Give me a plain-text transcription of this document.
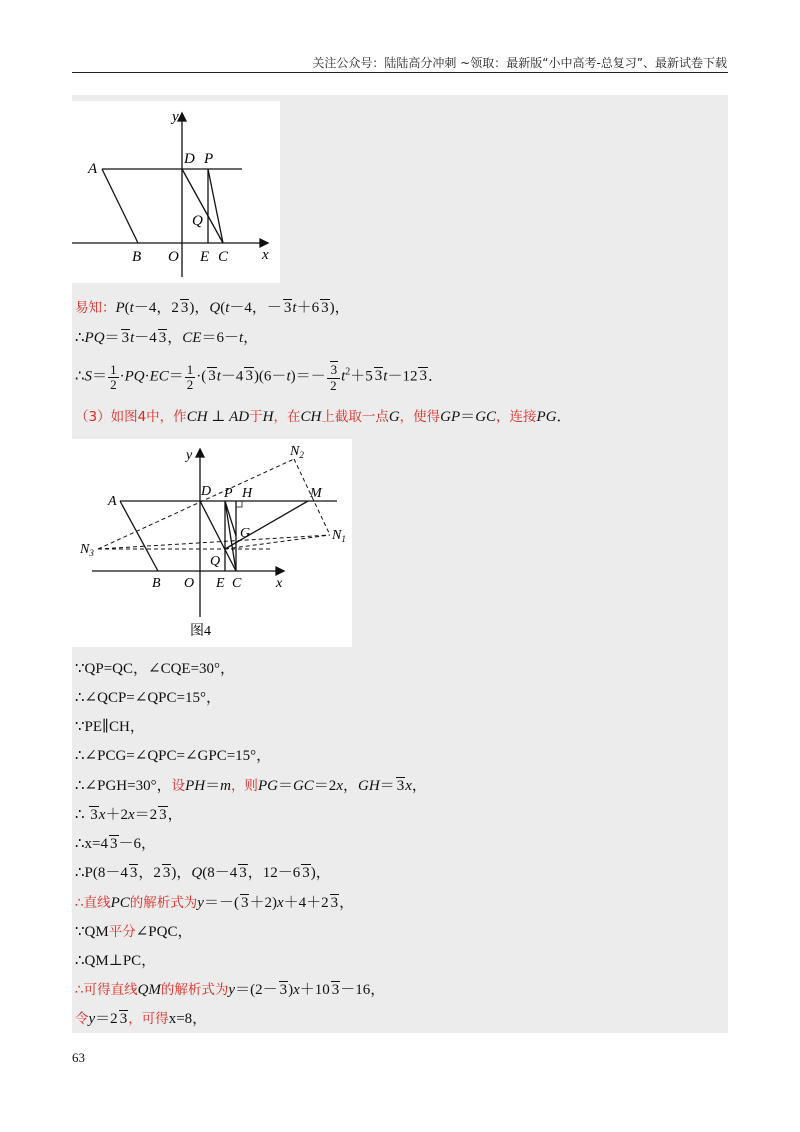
关注公众号：陆陆高分冲刺 ~领取：最新版“小中高考-总复习”、最新试卷下载
y
x
A
D P
Q
B O E C
易知：P(t－4，2 3)，Q(t－4，－ 3t＋6 3)，
∴PQ＝ 3t－4 3，CE＝6－t，
∴S＝ $\frac{1}{2} \cdot PQ\cdot EC= \frac{1}{2}$ ·( 3t－4 $3)(6-t)=- \frac{3}{2} t^2+5$ 3t－12 3．
（3）如图4中，作CH ⊥ AD于H，在CH上截取一点G，使得GP＝GC，连接PG．
y
x
A
D P H	M
$N_2$
$N_1$
$N_3$
G
Q
B O E C
图4
∵QP=QC，∠CQE=30°，
∴∠QCP=∠QPC=15°，
∵PE∥CH，
∴∠PCG=∠QPC=∠GPC=15°，
∴∠PGH=30°，设PH＝m，则PG＝GC＝2x，GH＝ 3x，
∴ 3x＋2x＝2 3，
∴x=4 3－6，
∴P(8－4 3，2 3)，Q(8－4 3，12－6 3)，
∴直线PC的解析式为y＝－( 3＋2)x＋4＋2 3，
∵QM平分∠PQC，
∴QM⊥PC，
∴可得直线QM的解析式为y＝(2－ 3)x＋10 3－16，
令y＝2 3，可得x=8，
63
